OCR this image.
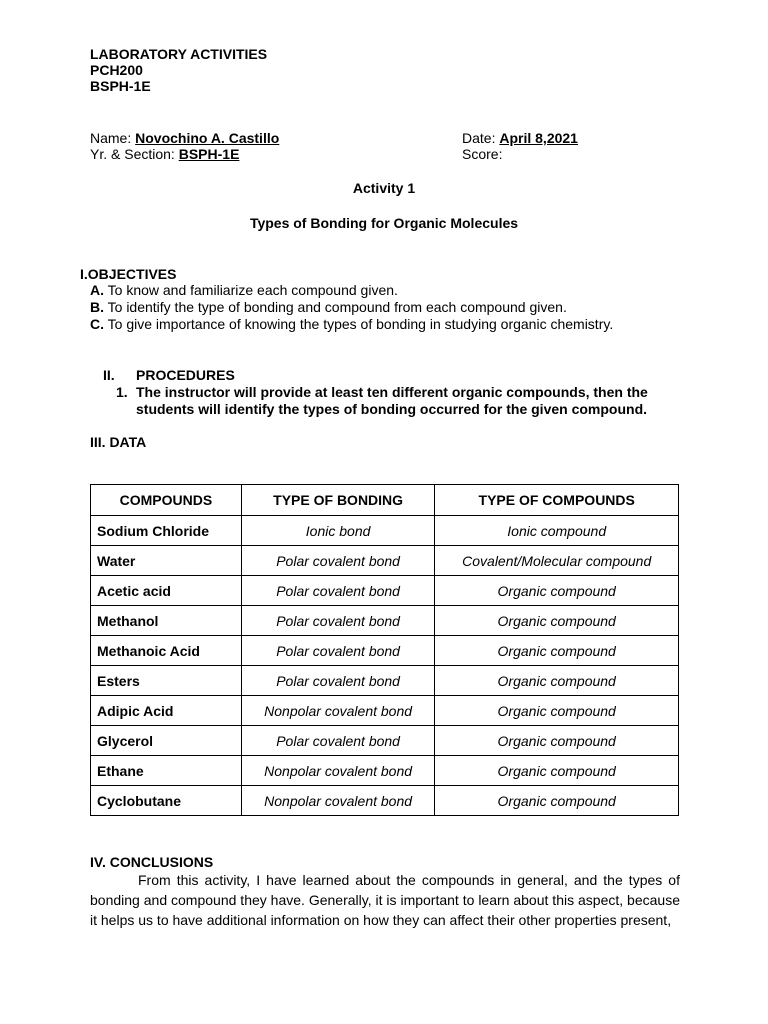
LABORATORY ACTIVITIES
PCH200
BSPH-1E
Name: Novochino A. Castillo
Yr. & Section: BSPH-1E
Date: April 8,2021
Score:
Activity 1
Types of Bonding for Organic Molecules
I.OBJECTIVES
A. To know and familiarize each compound given.
B. To identify the type of bonding and compound from each compound given.
C. To give importance of knowing the types of bonding in studying organic chemistry.
II. PROCEDURES
1. The instructor will provide at least ten different organic compounds, then the students will identify the types of bonding occurred for the given compound.
III. DATA
COMPOUNDS	TYPE OF BONDING	TYPE OF COMPOUNDS
Sodium Chloride	Ionic bond	Ionic compound
Water	Polar covalent bond	Covalent/Molecular compound
Acetic acid	Polar covalent bond	Organic compound
Methanol	Polar covalent bond	Organic compound
Methanoic Acid	Polar covalent bond	Organic compound
Esters	Polar covalent bond	Organic compound
Adipic Acid	Nonpolar covalent bond	Organic compound
Glycerol	Polar covalent bond	Organic compound
Ethane	Nonpolar covalent bond	Organic compound
Cyclobutane	Nonpolar covalent bond	Organic compound
IV. CONCLUSIONS
From this activity, I have learned about the compounds in general, and the types of bonding and compound they have. Generally, it is important to learn about this aspect, because it helps us to have additional information on how they can affect their other properties present,
